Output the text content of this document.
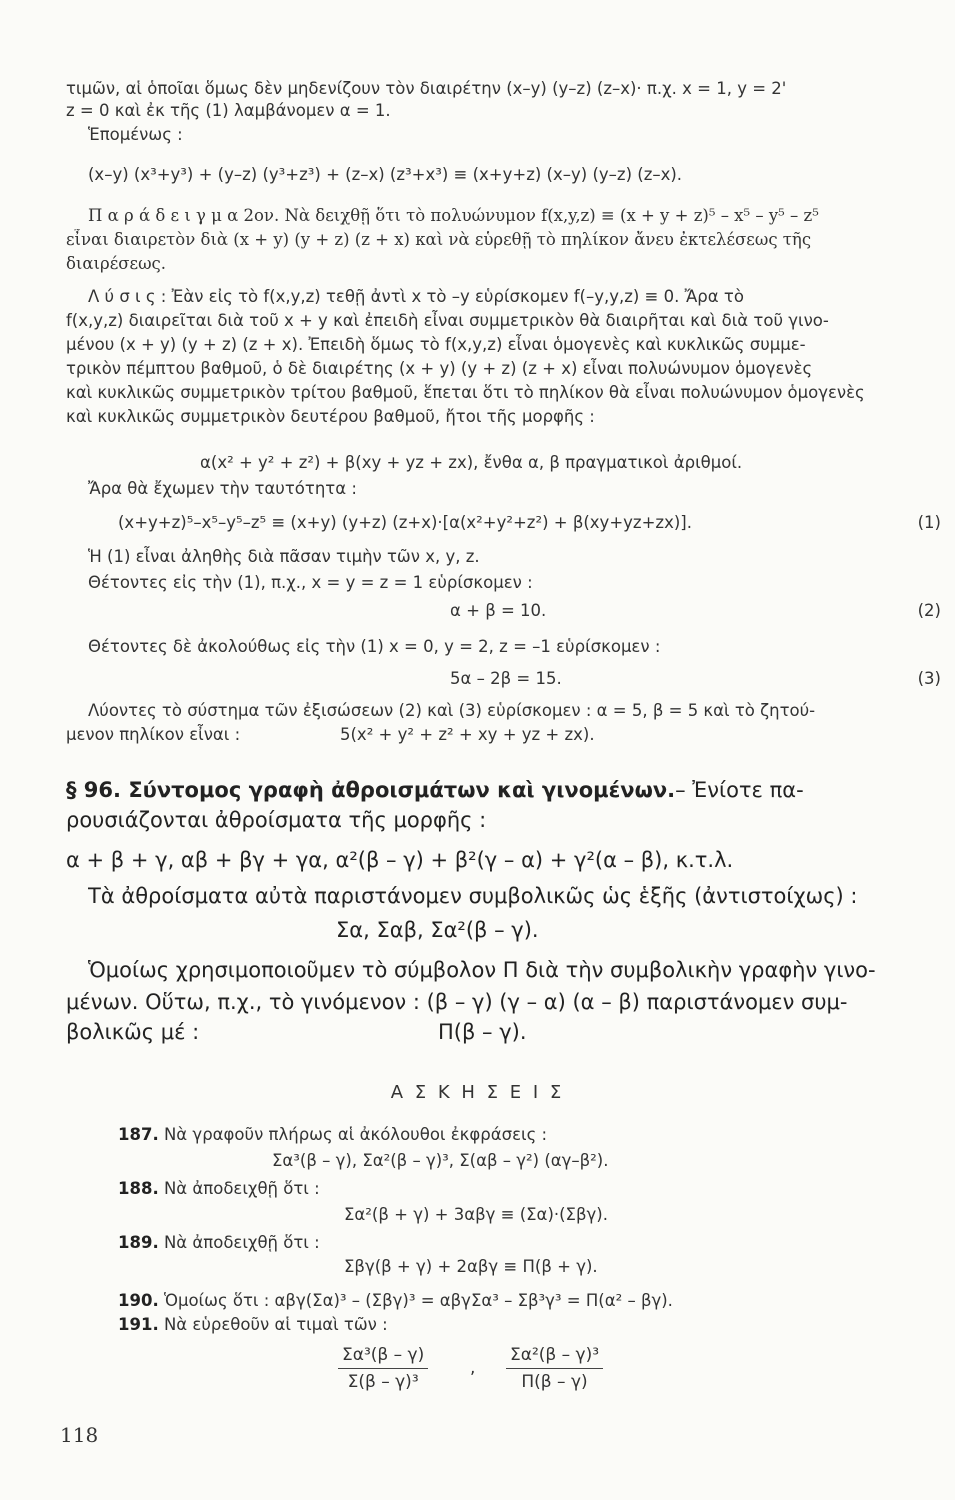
τιμῶν, αἱ ὁποῖαι ὅμως δὲν μηδενίζουν τὸν διαιρέτην (x–y) (y–z) (z–x)· π.χ. x = 1, y = 2'
z = 0 καὶ ἐκ τῆς (1) λαμβάνομεν α = 1.
Ἑπομένως :
(x–y) (x³+y³) + (y–z) (y³+z³) + (z–x) (z³+x³) ≡ (x+y+z) (x–y) (y–z) (z–x).
Π α ρ ά δ ε ι γ μ α 2ον. Νὰ δειχθῇ ὅτι τὸ πολυώνυμον f(x,y,z) ≡ (x + y + z)⁵ – x⁵ – y⁵ – z⁵
εἶναι διαιρετὸν διὰ (x + y) (y + z) (z + x) καὶ νὰ εὑρεθῇ τὸ πηλίκον ἄνευ ἐκτελέσεως τῆς
διαιρέσεως.
Λ ύ σ ι ς : Ἐὰν εἰς τὸ f(x,y,z) τεθῇ ἀντὶ x τὸ –y εὑρίσκομεν f(–y,y,z) ≡ 0. Ἄρα τὸ
f(x,y,z) διαιρεῖται διὰ τοῦ x + y καὶ ἐπειδὴ εἶναι συμμετρικὸν θὰ διαιρῆται καὶ διὰ τοῦ γινο-
μένου (x + y) (y + z) (z + x). Ἐπειδὴ ὅμως τὸ f(x,y,z) εἶναι ὁμογενὲς καὶ κυκλικῶς συμμε-
τρικὸν πέμπτου βαθμοῦ, ὁ δὲ διαιρέτης (x + y) (y + z) (z + x) εἶναι πολυώνυμον ὁμογενὲς
καὶ κυκλικῶς συμμετρικὸν τρίτου βαθμοῦ, ἕπεται ὅτι τὸ πηλίκον θὰ εἶναι πολυώνυμον ὁμογενὲς
καὶ κυκλικῶς συμμετρικὸν δευτέρου βαθμοῦ, ἤτοι τῆς μορφῆς :
α(x² + y² + z²) + β(xy + yz + zx), ἔνθα α, β πραγματικοὶ ἀριθμοί.
Ἄρα θὰ ἔχωμεν τὴν ταυτότητα :
(x+y+z)⁵–x⁵–y⁵–z⁵ ≡ (x+y) (y+z) (z+x)·[α(x²+y²+z²) + β(xy+yz+zx)].	(1)
Ἡ (1) εἶναι ἀληθὴς διὰ πᾶσαν τιμὴν τῶν x, y, z.
Θέτοντες εἰς τὴν (1), π.χ., x = y = z = 1 εὑρίσκομεν :
α + β = 10.	(2)
Θέτοντες δὲ ἀκολούθως εἰς τὴν (1) x = 0, y = 2, z = –1 εὑρίσκομεν :
5α – 2β = 15.	(3)
Λύοντες τὸ σύστημα τῶν ἐξισώσεων (2) καὶ (3) εὑρίσκομεν : α = 5, β = 5 καὶ τὸ ζητού-
μενον πηλίκον εἶναι :	5(x² + y² + z² + xy + yz + zx).
§ 96. Σύντομος γραφὴ ἀθροισμάτων καὶ γινομένων.– Ἐνίοτε πα-
ρουσιάζονται ἀθροίσματα τῆς μορφῆς :
α + β + γ, αβ + βγ + γα, α²(β – γ) + β²(γ – α) + γ²(α – β), κ.τ.λ.
Τὰ ἀθροίσματα αὐτὰ παριστάνομεν συμβολικῶς ὡς ἑξῆς (ἀντιστοίχως) :
Σα, Σαβ, Σα²(β – γ).
Ὁμοίως χρησιμοποιοῦμεν τὸ σύμβολον Π διὰ τὴν συμβολικὴν γραφὴν γινο-
μένων. Οὕτω, π.χ., τὸ γινόμενον : (β – γ) (γ – α) (α – β) παριστάνομεν συμ-
βολικῶς μέ :	Π(β – γ).
Α Σ Κ Η Σ Ε Ι Σ
187. Νὰ γραφοῦν πλήρως αἱ ἀκόλουθοι ἐκφράσεις :
Σα³(β – γ), Σα²(β – γ)³, Σ(αβ – γ²) (αγ–β²).
188. Νὰ ἀποδειχθῇ ὅτι :
Σα²(β + γ) + 3αβγ ≡ (Σα)·(Σβγ).
189. Νὰ ἀποδειχθῇ ὅτι :
Σβγ(β + γ) + 2αβγ ≡ Π(β + γ).
190. Ὁμοίως ὅτι : αβγ(Σα)³ – (Σβγ)³ = αβγΣα³ – Σβ³γ³ = Π(α² – βγ).
191. Νὰ εὑρεθοῦν αἱ τιμαὶ τῶν :
$\frac{\text{Σα³(β – γ)}}{\text{Σ(β – γ)³}}$ , $\frac{\text{Σα²(β – γ)³}}{\Pi(\beta - \gamma)}$
118
